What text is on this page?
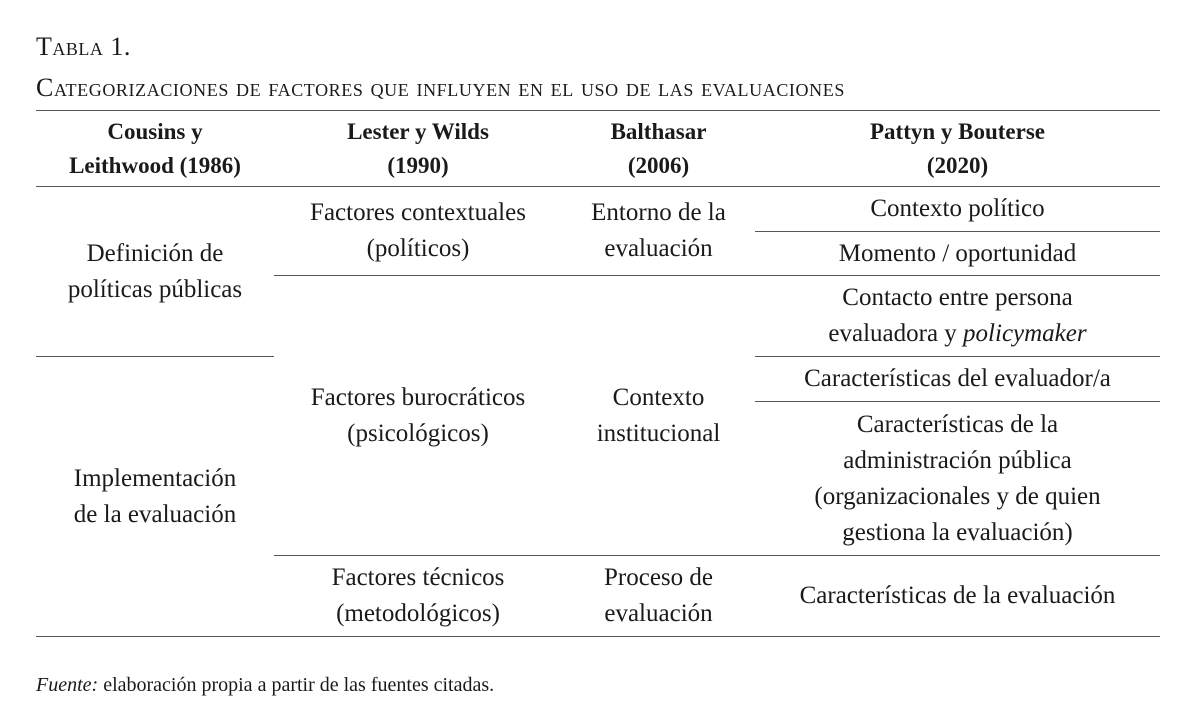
Tabla 1.
Categorizaciones de factores que influyen en el uso de las evaluaciones
Cousins y
Leithwood (1986)
Lester y Wilds
(1990)
Balthasar
(2006)
Pattyn y Bouterse
(2020)
Definición de
políticas públicas
Implementación
de la evaluación
Factores contextuales
(políticos)
Factores burocráticos
(psicológicos)
Factores técnicos
(metodológicos)
Entorno de la
evaluación
Contexto
institucional
Proceso de
evaluación
Contexto político
Momento / oportunidad
Contacto entre persona
evaluadora y policymaker
Características del evaluador/a
Características de la
administración pública
(organizacionales y de quien
gestiona la evaluación)
Características de la evaluación
Fuente: elaboración propia a partir de las fuentes citadas.
